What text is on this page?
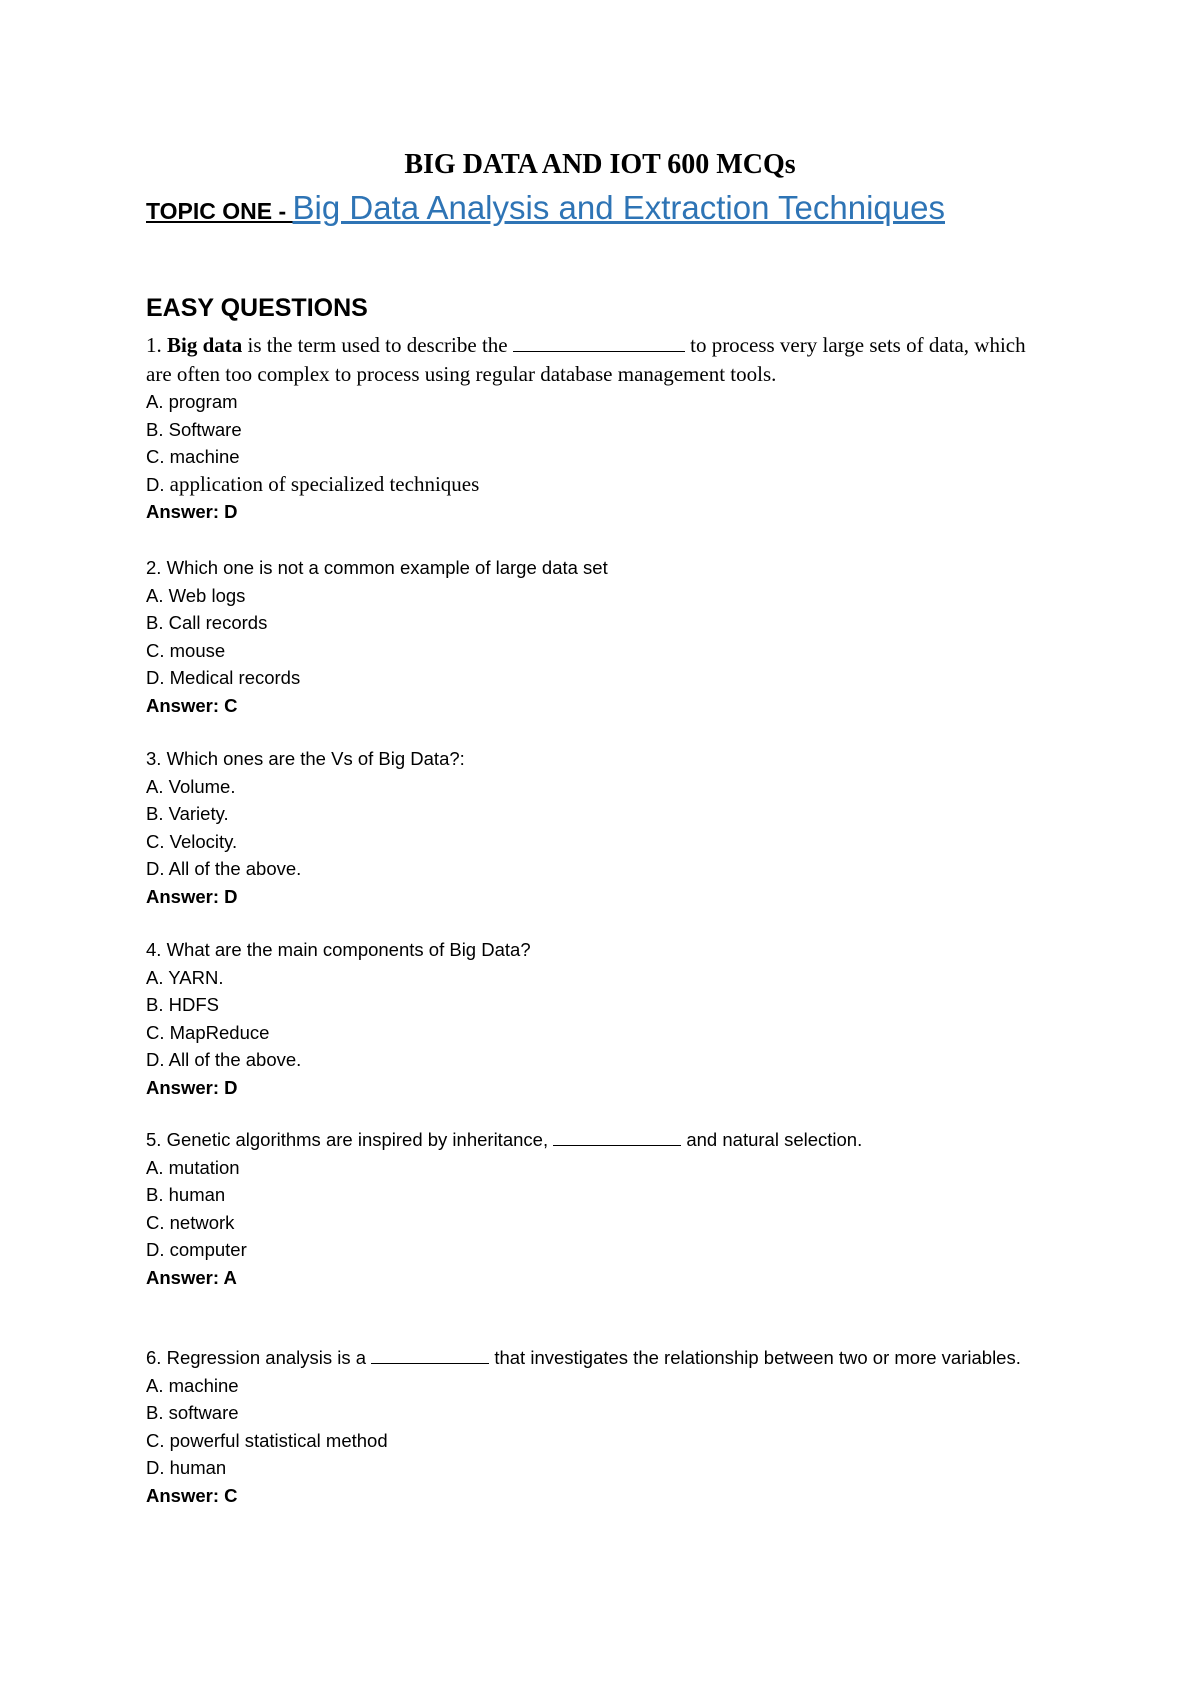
BIG DATA AND IOT 600 MCQs
TOPIC ONE - Big Data Analysis and Extraction Techniques
EASY QUESTIONS

1. Big data is the term used to describe the	to process very large sets of data, which are often too complex to process using regular database management tools.

A. program

B. Software

C. machine

D. application of specialized techniques

Answer: D

2. Which one is not a common example of large data set

A. Web logs

B. Call records

C. mouse

D. Medical records

Answer: C

3. Which ones are the Vs of Big Data?:

A. Volume.

B. Variety.

C. Velocity.

D. All of the above.

Answer: D

4. What are the main components of Big Data?

A. YARN.

B. HDFS

C. MapReduce

D. All of the above.

Answer: D

5. Genetic algorithms are inspired by inheritance,	and natural selection.

A. mutation

B. human

C. network

D. computer

Answer: A

6. Regression analysis is a	that investigates the relationship between two or more variables.

A. machine

B. software

C. powerful statistical method

D. human

Answer: C
